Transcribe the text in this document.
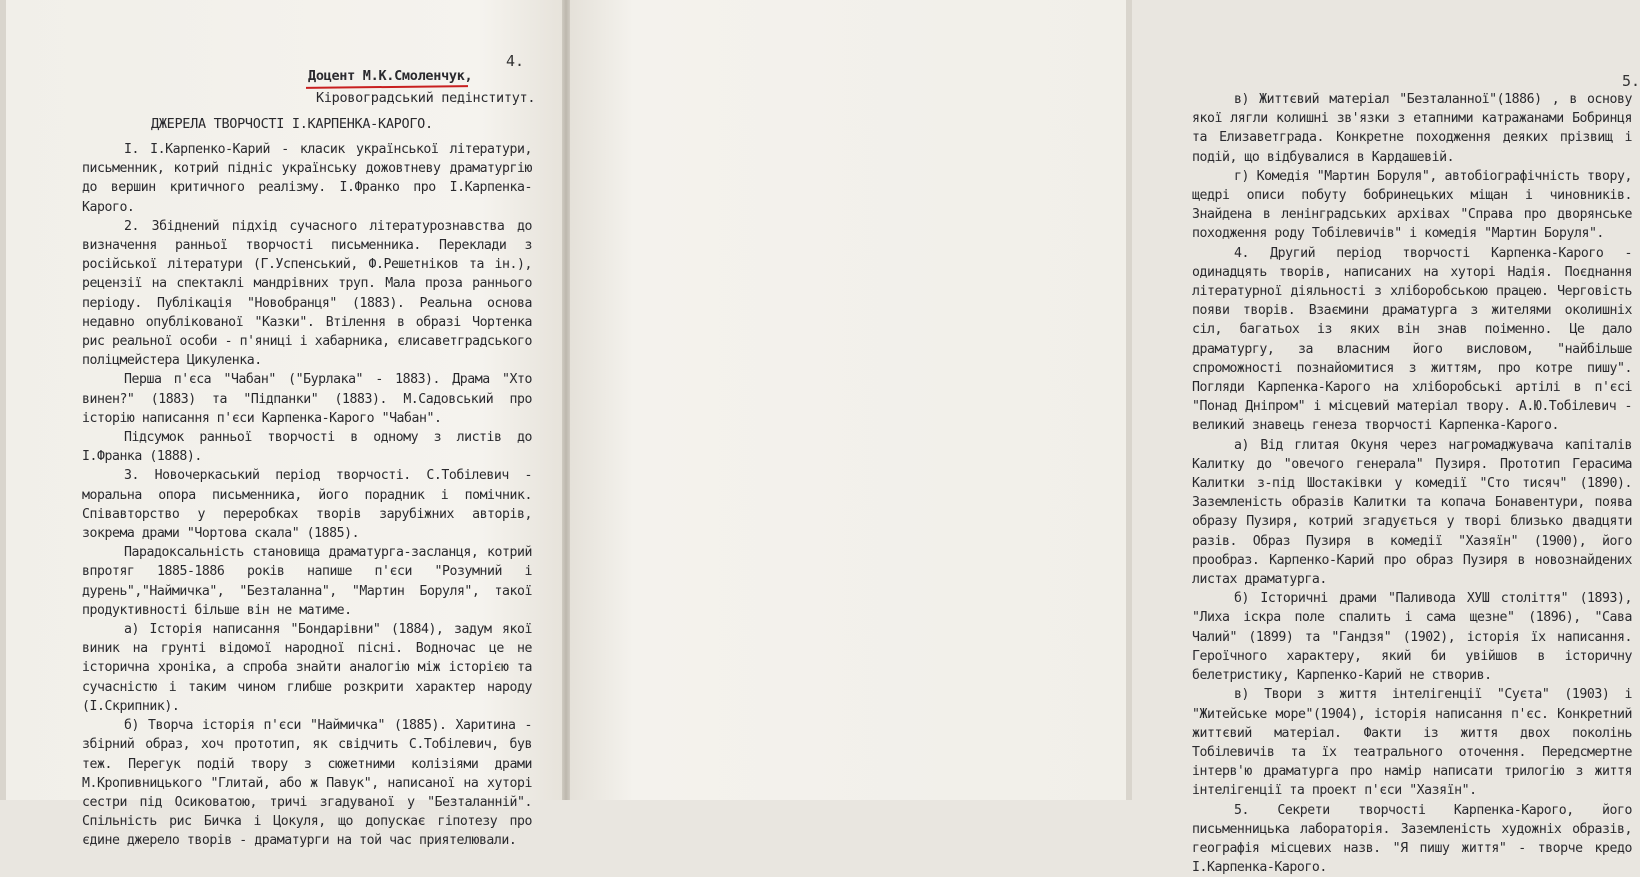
4.
Доцент М.К.Смоленчук,
Кіровоградський педінститут.
ДЖЕРЕЛА ТВОРЧОСТІ І.КАРПЕНКА-КАРОГО.

І. І.Карпенко-Карий - класик української літератури, письменник, котрий підніс українську дожовтневу драматургію до вершин критичного реалізму. І.Франко про І.Карпенка-Карого.

2. Збіднений підхід сучасного літературознавства до визначення ранньої творчості письменника. Переклади з російської літератури (Г.Успенський, Ф.Решетніков та ін.), рецензії на спектаклі мандрівних труп. Мала проза раннього періоду. Публікація "Новобранця" (1883). Реальна основа недавно опублікованої "Казки". Втілення в образі Чортенка рис реальної особи - п'яниці і хабарника, єлисаветградського поліцмейстера Цикуленка.

Перша п'єса "Чабан" ("Бурлака" - 1883). Драма "Хто винен?" (1883) та "Підпанки" (1883). М.Садовський про історію написання п'єси Карпенка-Карого "Чабан".

Підсумок ранньої творчості в одному з листів до І.Франка (1888).

3. Новочеркаський період творчості. С.Тобілевич - моральна опора письменника, його порадник і помічник. Співавторство у переробках творів зарубіжних авторів, зокрема драми "Чортова скала" (1885).

Парадоксальність становища драматурга-засланця, котрий впротяг 1885-1886 років напише п'єси "Розумний і дурень","Наймичка", "Безталанна", "Мартин Боруля", такої продуктивності більше він не матиме.

а) Історія написання "Бондарівни" (1884), задум якої виник на грунті відомої народної пісні. Водночас це не історична хроніка, а спроба знайти аналогію між історією та сучасністю і таким чином глибше розкрити характер народу (І.Скрипник).

б) Творча історія п'єси "Наймичка" (1885). Харитина - збірний образ, хоч прототип, як свідчить С.Тобілевич, був теж. Перегук подій твору з сюжетними колізіями драми М.Кропивницького "Глитай, або ж Павук", написаної на хуторі сестри під Осиковатою, тричі згадуваної у "Безталанній". Спільність рис Бичка і Цокуля, що допускає гіпотезу про єдине джерело творів - драматурги на той час приятелювали.

5.

в) Життєвий матеріал "Безталанної"(1886) , в основу якої лягли колишні зв'язки з етапними катражанами Бобринця та Елизаветграда. Конкретне походження деяких прізвищ і подій, що відбувалися в Кардашевій.

г) Комедія "Мартин Боруля", автобіографічність твору, щедрі описи побуту бобринецьких міщан і чиновників. Знайдена в ленінградських архівах "Справа про дворянське походження роду Тобілевичів" і комедія "Мартин Боруля".

4. Другий період творчості Карпенка-Карого - одинадцять творів, написаних на хуторі Надія. Поєднання літературної діяльності з хліборобською працею. Черговість появи творів. Взаємини драматурга з жителями околишніх сіл, багатьох із яких він знав поіменно. Це дало драматургу, за власним його висловом, "найбільше спроможності познайомитися з життям, про котре пишу". Погляди Карпенка-Карого на хліборобські артілі в п'єсі "Понад Дніпром" і місцевий матеріал твору. А.Ю.Тобілевич - великий знавець генеза творчості Карпенка-Карого.

а) Від глитая Окуня через нагромаджувача капіталів Калитку до "овечого генерала" Пузиря. Прототип Герасима Калитки з-під Шостаківки у комедії "Сто тисяч" (1890). Заземленість образів Калитки та копача Бонавентури, поява образу Пузиря, котрий згадується у творі близько двадцяти разів. Образ Пузиря в комедії "Хазяїн" (1900), його прообраз. Карпенко-Карий про образ Пузиря в новознайдених листах драматурга.

б) Історичні драми "Паливода ХУШ століття" (1893), "Лиха іскра поле спалить і сама щезне" (1896), "Сава Чалий" (1899) та "Гандзя" (1902), історія їх написання. Героїчного характеру, який би увійшов в історичну белетристику, Карпенко-Карий не створив.

в) Твори з життя інтелігенції "Суєта" (1903) і "Житейське море"(1904), історія написання п'єс. Конкретний життєвий матеріал. Факти із життя двох поколінь Тобілевичів та їх театрального оточення. Передсмертне інтерв'ю драматурга про намір написати трилогію з життя інтелігенції та проект п'єси "Хазяїн".

5. Секрети творчості Карпенка-Карого, його письменницька лабораторія. Заземленість художніх образів, географія місцевих назв. "Я пишу життя" - творче кредо І.Карпенка-Карого.
